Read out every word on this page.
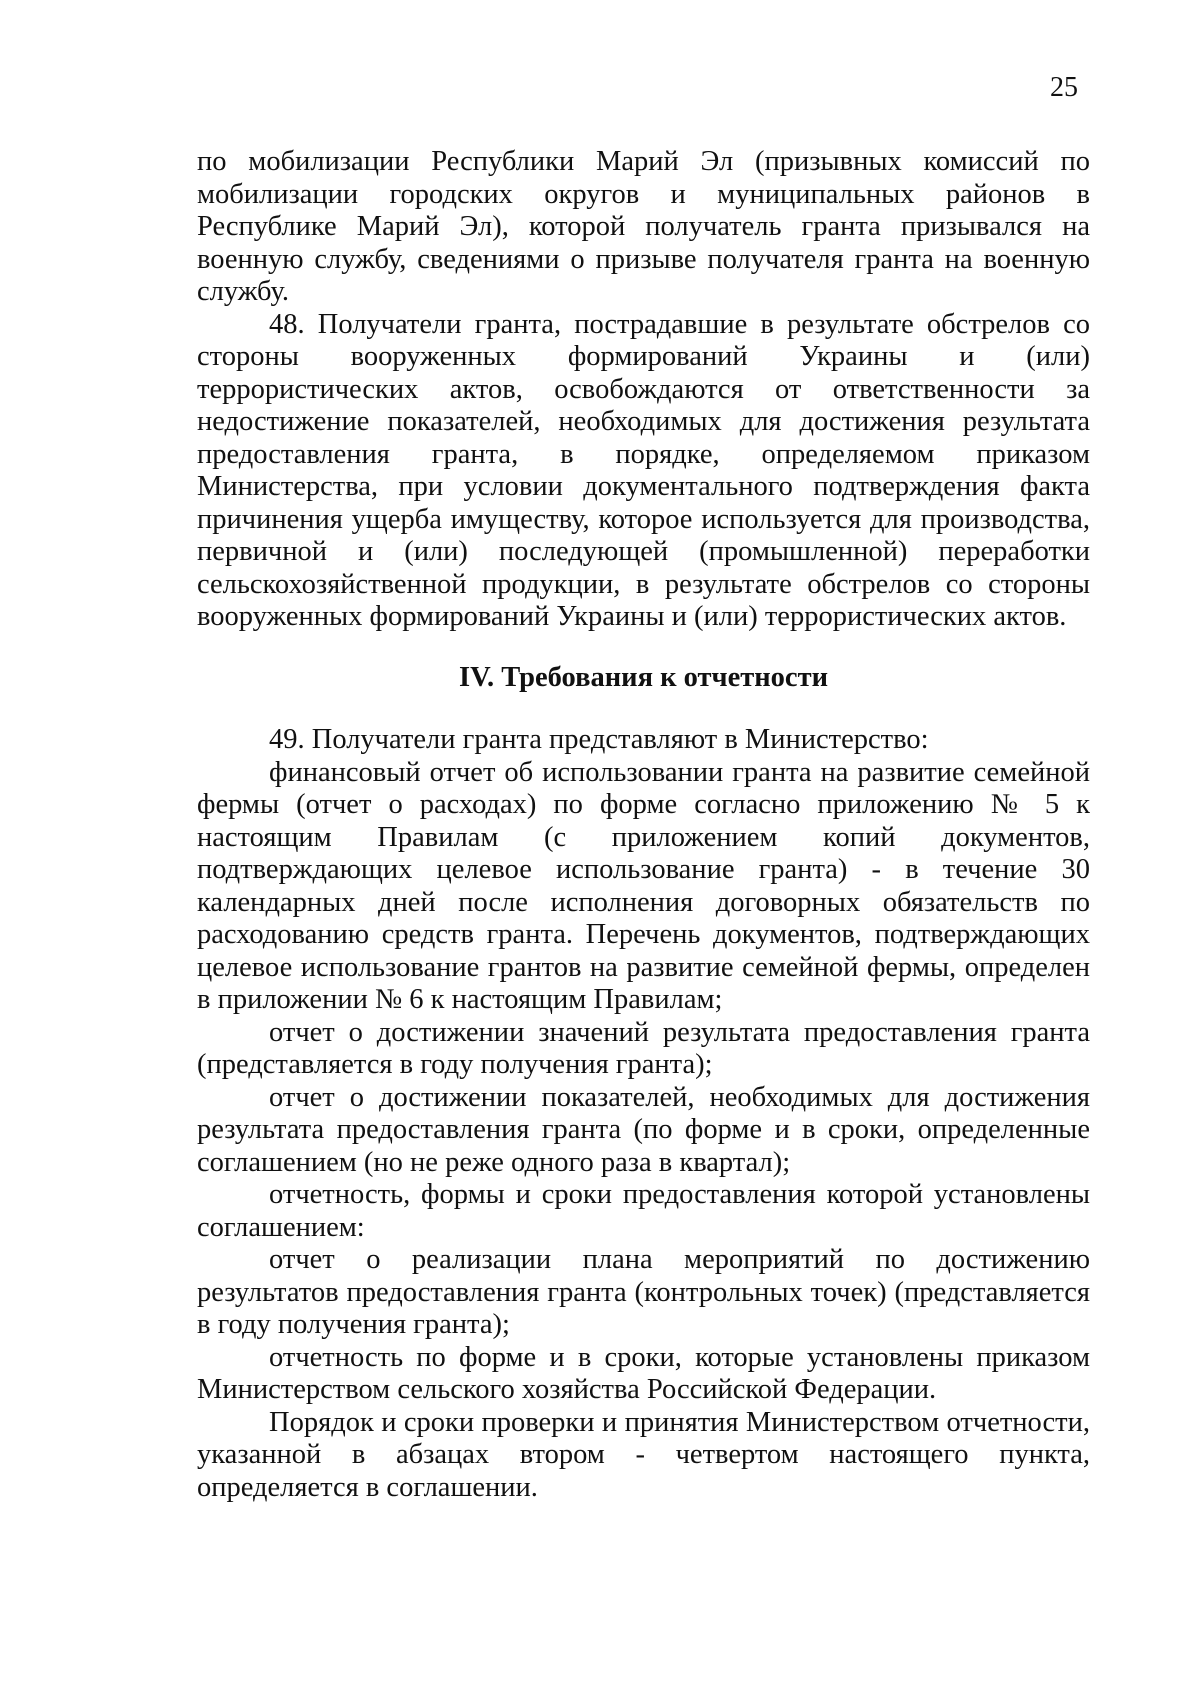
25

по мобилизации Республики Марий Эл (призывных комиссий по мобилизации городских округов и муниципальных районов в Республике Марий Эл), которой получатель гранта призывался на военную службу, сведениями о призыве получателя гранта на военную службу.

48. Получатели гранта, пострадавшие в результате обстрелов со стороны вооруженных формирований Украины и (или) террористических актов, освобождаются от ответственности за недостижение показателей, необходимых для достижения результата предоставления гранта, в порядке, определяемом приказом Министерства, при условии документального подтверждения факта причинения ущерба имуществу, которое используется для производства, первичной и (или) последующей (промышленной) переработки сельскохозяйственной продукции, в результате обстрелов со стороны вооруженных формирований Украины и (или) террористических актов.

IV. Требования к отчетности

49. Получатели гранта представляют в Министерство:

финансовый отчет об использовании гранта на развитие семейной фермы (отчет о расходах) по форме согласно приложению № 5 к настоящим Правилам (с приложением копий документов, подтверждающих целевое использование гранта) - в течение 30 календарных дней после исполнения договорных обязательств по расходованию средств гранта. Перечень документов, подтверждающих целевое использование грантов на развитие семейной фермы, определен в приложении № 6 к настоящим Правилам;

отчет о достижении значений результата предоставления гранта (представляется в году получения гранта);

отчет о достижении показателей, необходимых для достижения результата предоставления гранта (по форме и в сроки, определенные соглашением (но не реже одного раза в квартал);

отчетность, формы и сроки предоставления которой установлены соглашением:

отчет о реализации плана мероприятий по достижению результатов предоставления гранта (контрольных точек) (представляется в году получения гранта);

отчетность по форме и в сроки, которые установлены приказом Министерством сельского хозяйства Российской Федерации.

Порядок и сроки проверки и принятия Министерством отчетности, указанной в абзацах втором - четвертом настоящего пункта, определяется в соглашении.
